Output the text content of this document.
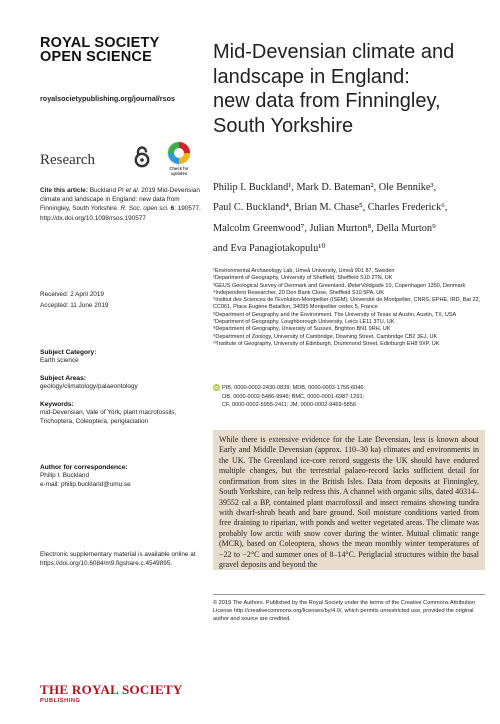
ROYAL SOCIETY
OPEN SCIENCE
royalsocietypublishing.org/journal/rsos
Research
Check for
updates
Cite this article: Buckland PI et al. 2019 Mid-Devensian climate and landscape in England: new data from Finningley, South Yorkshire. R. Soc. open sci. 6: 190577. http://dx.doi.org/10.1098/rsos.190577
Received: 2 April 2019
Accepted: 11 June 2019
Subject Category:
Earth science
Subject Areas:
geology/climatology/palaeontology
Keywords:
mid-Devensian, Vale of York, plant macrofossils, Trichoptera, Coleoptera, periglaciation
Author for correspondence:
Philip I. Buckland
e-mail: philip.buckland@umu.se
Electronic supplementary material is available online at https://doi.org/10.6084/m9.figshare.c.4549895.
THE ROYAL SOCIETY
PUBLISHING
Mid-Devensian climate and
landscape in England:
new data from Finningley,
South Yorkshire
Philip I. Buckland¹, Mark D. Bateman², Ole Bennike³,
Paul C. Buckland⁴, Brian M. Chase⁵, Charles Frederick⁶,
Malcolm Greenwood⁷, Julian Murton⁸, Della Murton⁹
and Eva Panagiotakopulu¹⁰
¹Environmental Archaeology Lab, Umeå University, Umeå 901 87, Sweden
²Department of Geography, University of Sheffield, Sheffield S10 2TN, UK
³GEUS Geological Survey of Denmark and Greenland, ØsterVoldgade 10, Copenhagen 1350, Denmark
⁴Independent Researcher, 20 Den Bank Close, Sheffield S10 5PA, UK
⁵Institut des Sciences de l'Evolution-Montpellier (ISEM), Université de Montpellier, CNRS, EPHE, IRD, Bat 22, CC061, Place Eugène Bataillon, 34095 Montpellier cedex 5, France
⁶Department of Geography and the Environment, The University of Texas at Austin, Austin, TX, USA
⁷Department of Geography, Loughborough University, Leics LE11 3TU, UK
⁸Department of Geography, University of Sussex, Brighton BN1 9RH, UK
⁹Department of Zoology, University of Cambridge, Downing Street, Cambridge CB2 3EJ, UK
¹⁰Institute of Geography, University of Edinburgh, Drummond Street, Edinburgh EH8 9XP, UK
iD PIB, 0000-0002-2430-0839; MDB, 0000-0003-1756-6046;
OB, 0000-0002-5486-9946; BMC, 0000-0001-6987-1291;
CF, 0000-0002-5955-2411; JM, 0000-0002-9469-5856

While there is extensive evidence for the Late Devensian, less is known about Early and Middle Devensian (approx. 110–30 ka) climates and environments in the UK. The Greenland ice-core record suggests the UK should have endured multiple changes, but the terrestrial palaeo-record lacks sufficient detail for confirmation from sites in the British Isles. Data from deposits at Finningley, South Yorkshire, can help redress this. A channel with organic silts, dated 40314–39552 cal a BP, contained plant macrofossil and insect remains showing tundra with dwarf-shrub heath and bare ground. Soil moisture conditions varied from free draining to riparian, with ponds and wetter vegetated areas. The climate was probably low arctic with snow cover during the winter. Mutual climatic range (MCR), based on Coleoptera, shows the mean monthly winter temperatures of −22 to −2°C and summer ones of 8–14°C. Periglacial structures within the basal gravel deposits and beyond the

© 2019 The Authors. Published by the Royal Society under the terms of the Creative Commons Attribution License http://creativecommons.org/licenses/by/4.0/, which permits unrestricted use, provided the original author and source are credited.
